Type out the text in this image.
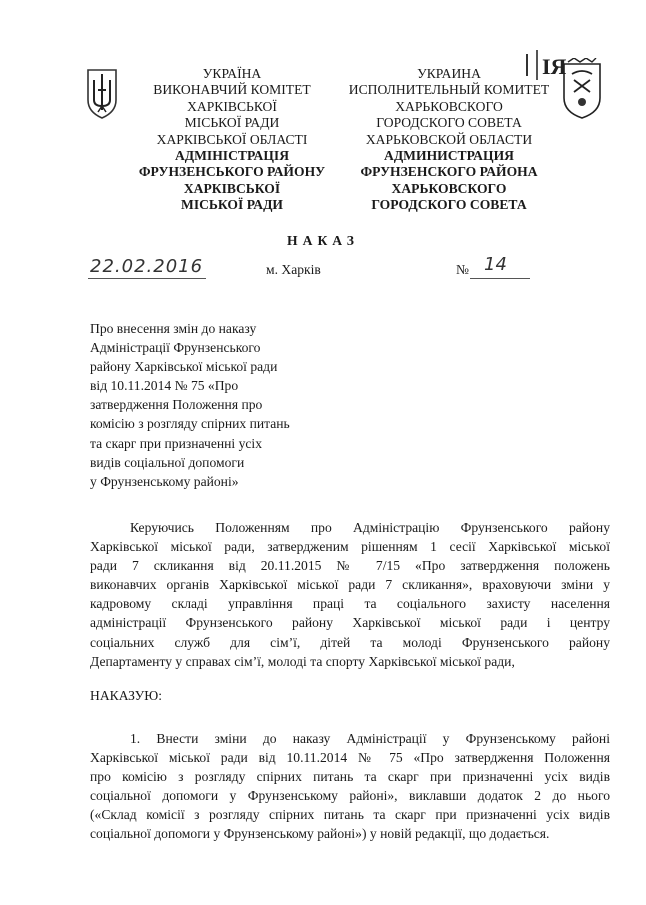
ІЯ
УКРАЇНА
ВИКОНАВЧИЙ КОМІТЕТ
ХАРКІВСЬКОЇ
МІСЬКОЇ РАДИ
ХАРКІВСЬКОЇ ОБЛАСТІ
АДМІНІСТРАЦІЯ
ФРУНЗЕНСЬКОГО РАЙОНУ
ХАРКІВСЬКОЇ
МІСЬКОЇ РАДИ
УКРАИНА
ИСПОЛНИТЕЛЬНЫЙ КОМИТЕТ
ХАРЬКОВСКОГО
ГОРОДСКОГО СОВЕТА
ХАРЬКОВСКОЙ ОБЛАСТИ
АДМИНИСТРАЦИЯ
ФРУНЗЕНСКОГО РАЙОНА
ХАРЬКОВСКОГО
ГОРОДСКОГО СОВЕТА
НАКАЗ
22.02.2016	м. Харків	№ 14
Про внесення змін до наказу
Адміністрації Фрунзенського
району Харківської міської ради
від 10.11.2014 № 75 «Про
затвердження Положення про
комісію з розгляду спірних питань
та скарг при призначенні усіх
видів соціальної допомоги
у Фрунзенському районі»
Керуючись Положенням про Адміністрацію Фрунзенського району
Харківської міської ради, затвердженим рішенням 1 сесії Харківської міської
ради 7 скликання від 20.11.2015 № 7/15 «Про затвердження положень
виконавчих органів Харківської міської ради 7 скликання», враховуючи зміни у
кадровому складі управління праці та соціального захисту населення
адміністрації Фрунзенського району Харківської міської ради і центру
соціальних служб для сім’ї, дітей та молоді Фрунзенського району
Департаменту у справах сім’ї, молоді та спорту Харківської міської ради,
НАКАЗУЮ:
1. Внести зміни до наказу Адміністрації у Фрунзенському районі
Харківської міської ради від 10.11.2014 № 75 «Про затвердження Положення
про комісію з розгляду спірних питань та скарг при призначенні усіх видів
соціальної допомоги у Фрунзенському районі», виклавши додаток 2 до нього
(«Склад комісії з розгляду спірних питань та скарг при призначенні усіх видів
соціальної допомоги у Фрунзенському районі») у новій редакції, що додається.
